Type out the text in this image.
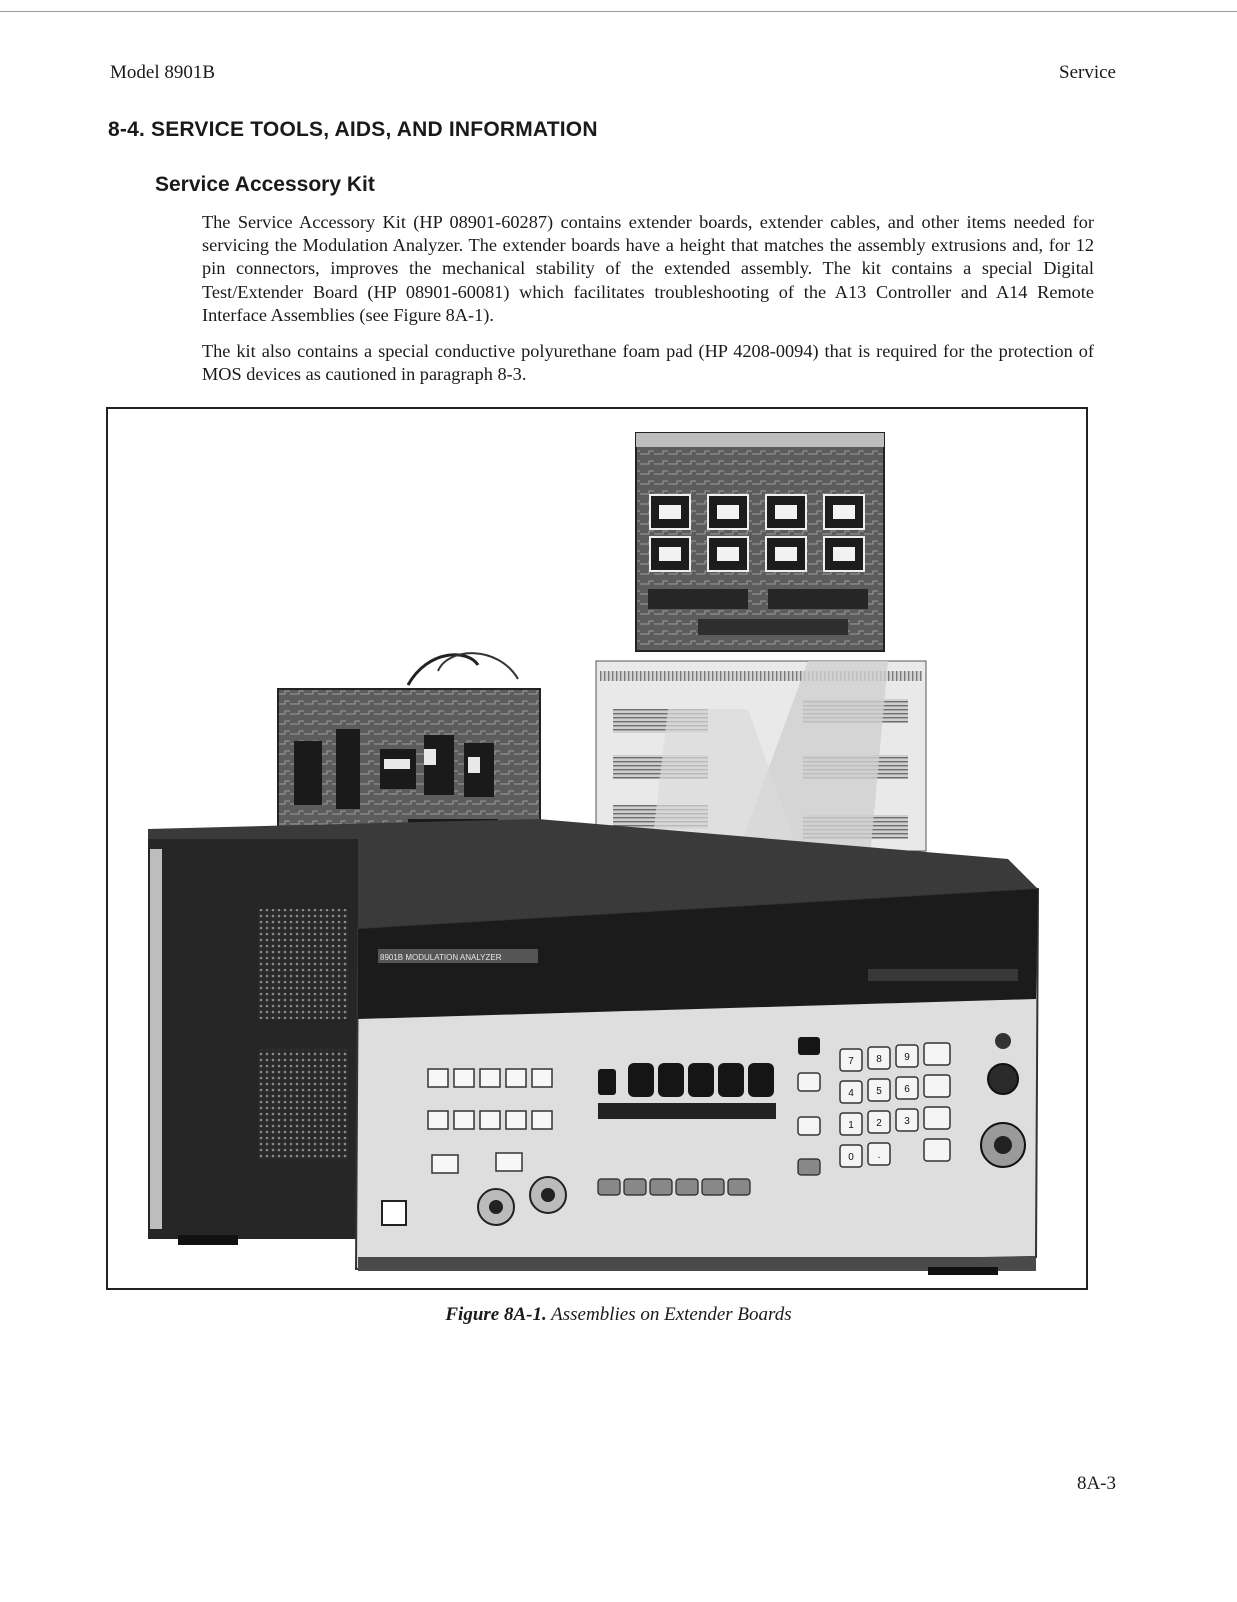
Model 8901B	Service
8-4. SERVICE TOOLS, AIDS, AND INFORMATION
Service Accessory Kit

The Service Accessory Kit (HP 08901-60287) contains extender boards, extender cables, and other items needed for servicing the Modulation Analyzer. The extender boards have a height that matches the assembly extrusions and, for 12 pin connectors, improves the mechanical stability of the extended assembly. The kit contains a special Digital Test/Extender Board (HP 08901-60081) which facilitates troubleshooting of the A13 Controller and A14 Remote Interface Assemblies (see Figure 8A-1).

The kit also contains a special conductive polyurethane foam pad (HP 4208-0094) that is required for the protection of MOS devices as cautioned in paragraph 8-3.

8901B MODULATION ANALYZER
7 8 9
4 5 6
1 2 3
0 .
Figure 8A-1. Assemblies on Extender Boards
8A-3
